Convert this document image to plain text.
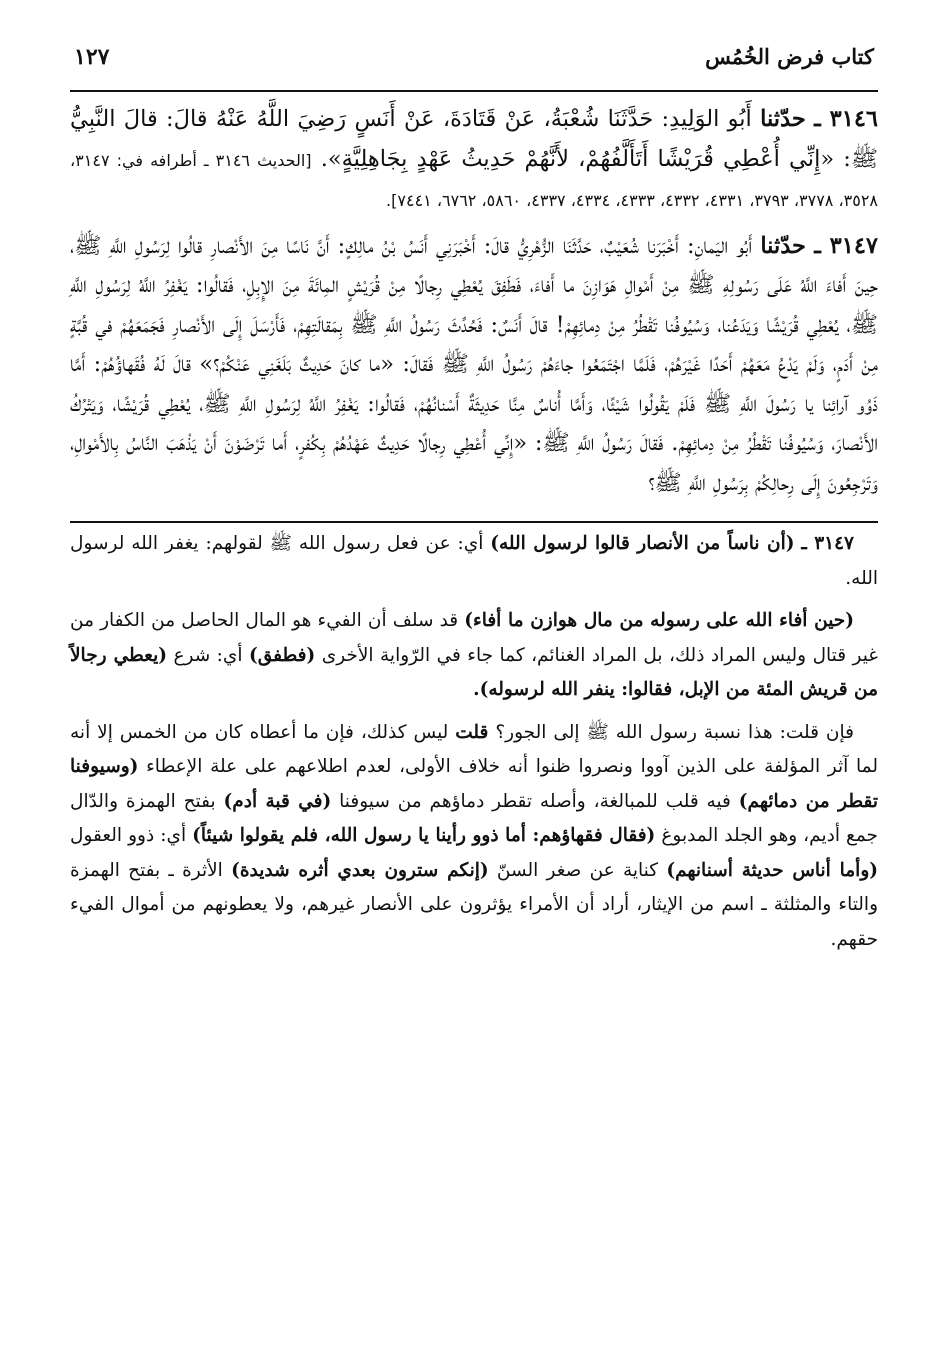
كتاب فرض الخُمُس
١٢٧

٣١٤٦ ـ حدّثنا أَبُو الوَلِيدِ: حَدَّثَنَا شُعْبَةُ، عَنْ قَتَادَةَ، عَنْ أَنَسٍ رَضِيَ اللَّهُ عَنْهُ قالَ: قالَ النَّبِيُّ ﷺ: «إِنِّي أُعْطِي قُرَيْشًا أَتَأَلَّفُهُمْ، لأَنَّهُمْ حَدِيثُ عَهْدٍ بِجَاهِلِيَّةٍ». [الحديث ٣١٤٦ ـ أطرافه في: ٣١٤٧، ٣٥٢٨، ٣٧٧٨، ٣٧٩٣، ٤٣٣١، ٤٣٣٢، ٤٣٣٣، ٤٣٣٤، ٤٣٣٧، ٥٨٦٠، ٦٧٦٢، ٧٤٤١].

٣١٤٧ ـ حدّثنا أَبُو اليَمانِ: أَخْبَرَنا شُعَيْبٌ، حَدَّثَنَا الزُّهْرِيُّ قالَ: أَخْبَرَنِي أَنَسُ بْنُ مالِكٍ: أَنَّ نَاسًا مِنَ الأَنْصارِ قالُوا لِرَسُولِ اللَّهِ ﷺ، حِينَ أَفاءَ اللَّهُ عَلَى رَسُولِهِ ﷺ مِنْ أَمْوالِ هَوَازِنَ ما أَفاءَ، فَطَفِقَ يُعْطِي رِجالًا مِنْ قُرَيْشٍ المِائَةَ مِنَ الإِبِلِ، فَقالُوا: يَغْفِرُ اللَّهُ لِرَسُولِ اللَّهِ ﷺ، يُعْطِي قُرَيْشًا وَيَدَعُنا، وَسُيُوفُنا تَقْطُرُ مِنْ دِمائِهِمْ! قالَ أَنَسٌ: فَحُدِّثَ رَسُولُ اللَّهِ ﷺ بِمَقالَتِهِمْ، فَأَرْسَلَ إِلَى الأَنْصارِ فَجَمَعَهُمْ في قُبَّةٍ مِنْ أَدَمٍ، وَلَمْ يَدْعُ مَعَهُمْ أَحَدًا غَيْرَهُمْ، فَلَمَّا اجْتَمَعُوا جاءَهُمْ رَسُولُ اللَّهِ ﷺ فَقالَ: «ما كانَ حَدِيثٌ بَلَغَنِي عَنْكُمْ؟» قالَ لَهُ فُقَهاؤُهُمْ: أَمَّا ذَوُو آرائِنا يا رَسُولَ اللَّهِ ﷺ فَلَمْ يَقُولُوا شَيْئًا، وَأَمَّا أُناسٌ مِنَّا حَدِيثَةٌ أَسْنانُهُمْ، فَقالُوا: يَغْفِرُ اللَّهُ لِرَسُولِ اللَّهِ ﷺ، يُعْطِي قُرَيْشًا، وَيَتْرُكُ الأَنْصارَ، وَسُيُوفُنا تَقْطُرُ مِنْ دِمائِهِمْ. فَقالَ رَسُولُ اللَّهِ ﷺ: «إِنِّي أُعْطِي رِجالًا حَدِيثٌ عَهْدُهُمْ بِكُفرٍ، أَما تَرْضَوْنَ أَنْ يَذْهَبَ النَّاسُ بِالأَمْوالِ، وَتَرْجِعُونَ إِلَى رِحالِكُمْ بِرَسُولِ اللَّهِ ﷺ؟

٣١٤٧ ـ (أن ناساً من الأنصار قالوا لرسول الله) أي: عن فعل رسول الله ﷺ لقولهم: يغفر الله لرسول الله.

(حين أفاء الله على رسوله من مال هوازن ما أفاء) قد سلف أن الفيء هو المال الحاصل من الكفار من غير قتال وليس المراد ذلك، بل المراد الغنائم، كما جاء في الرّواية الأخرى (فطفق) أي: شرع (يعطي رجالاً من قريش المئة من الإبل، فقالوا: ينفر الله لرسوله).

فإن قلت: هذا نسبة رسول الله ﷺ إلى الجور؟ قلت ليس كذلك، فإن ما أعطاه كان من الخمس إلا أنه لما آثر المؤلفة على الذين آووا ونصروا ظنوا أنه خلاف الأولى، لعدم اطلاعهم على علة الإعطاء (وسيوفنا تقطر من دمائهم) فيه قلب للمبالغة، وأصله تقطر دماؤهم من سيوفنا (في قبة أدم) بفتح الهمزة والدّال جمع أديم، وهو الجلد المدبوغ (فقال فقهاؤهم: أما ذوو رأينا يا رسول الله، فلم يقولوا شيئاً) أي: ذوو العقول (وأما أناس حديثة أسنانهم) كناية عن صغر السنّ (إنكم سترون بعدي أثره شديدة) الأثرة ـ بفتح الهمزة والتاء والمثلثة ـ اسم من الإيثار، أراد أن الأمراء يؤثرون على الأنصار غيرهم، ولا يعطونهم من أموال الفيء حقهم.
